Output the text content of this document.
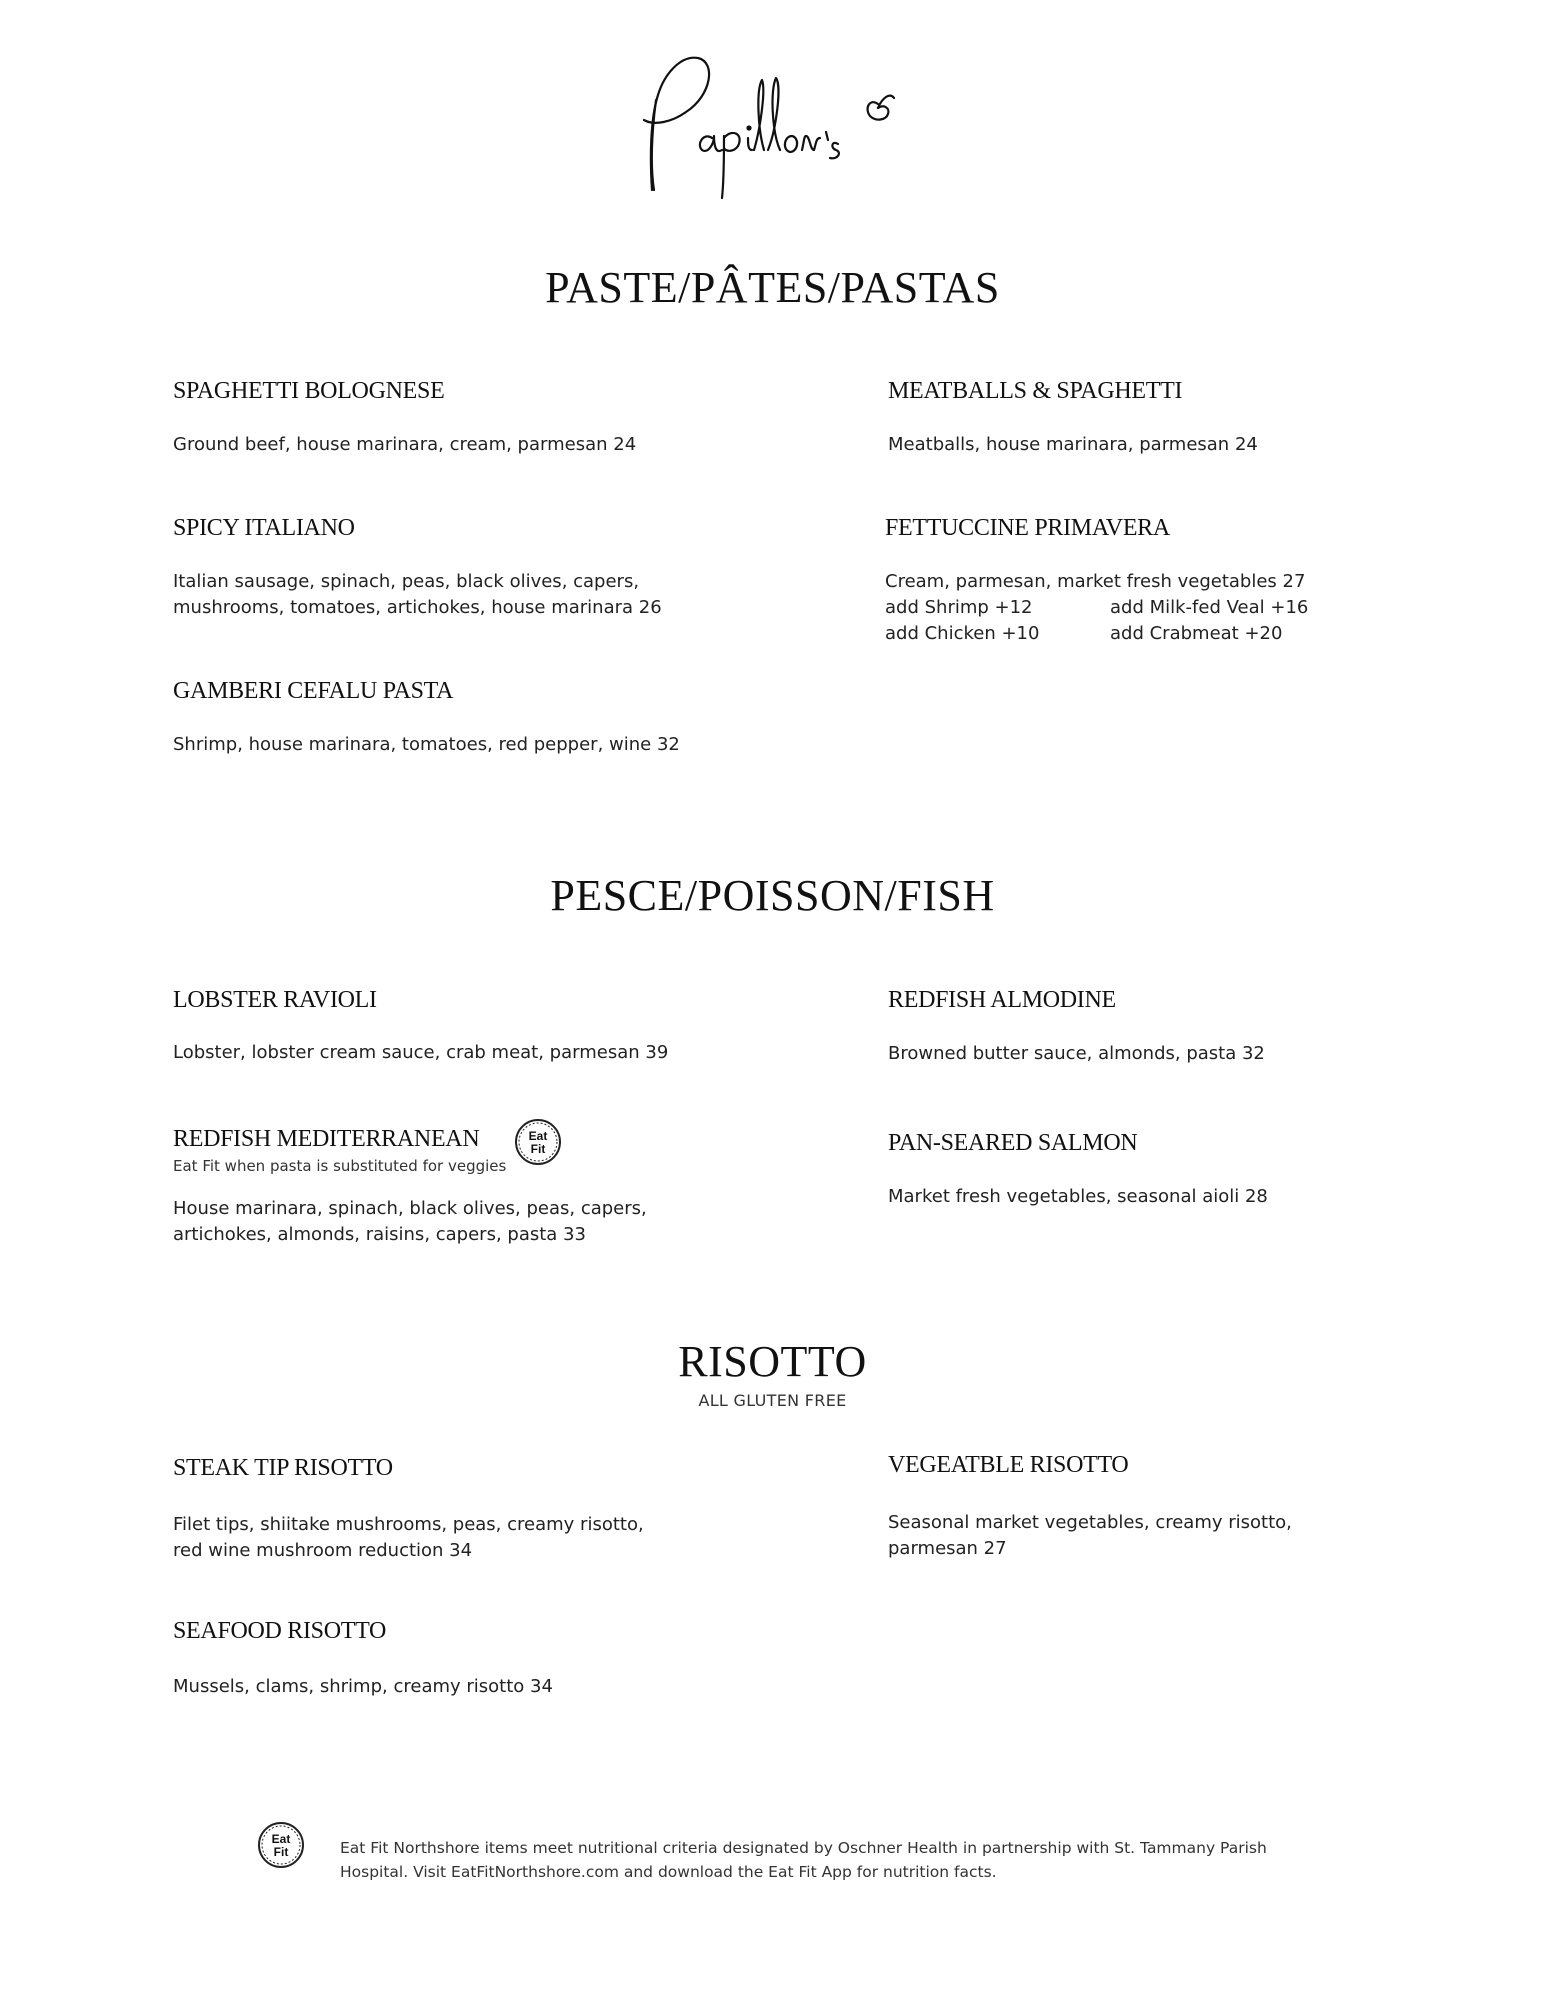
PASTE/PÂTES/PASTAS
SPAGHETTI BOLOGNESE
Ground beef, house marinara, cream, parmesan 24
MEATBALLS & SPAGHETTI
Meatballs, house marinara, parmesan 24
SPICY ITALIANO
Italian sausage, spinach, peas, black olives, capers,
mushrooms, tomatoes, artichokes, house marinara 26
FETTUCCINE PRIMAVERA
Cream, parmesan, market fresh vegetables 27
add Shrimp +12	add Milk-fed Veal +16
add Chicken +10	add Crabmeat +20
GAMBERI CEFALU PASTA
Shrimp, house marinara, tomatoes, red pepper, wine 32
PESCE/POISSON/FISH
LOBSTER RAVIOLI
Lobster, lobster cream sauce, crab meat, parmesan 39
REDFISH ALMODINE
Browned butter sauce, almonds, pasta 32
REDFISH MEDITERRANEAN	Eat
Fit
Eat Fit when pasta is substituted for veggies
House marinara, spinach, black olives, peas, capers,
artichokes, almonds, raisins, capers, pasta 33
PAN-SEARED SALMON
Market fresh vegetables, seasonal aioli 28
RISOTTO
ALL GLUTEN FREE
STEAK TIP RISOTTO
Filet tips, shiitake mushrooms, peas, creamy risotto,
red wine mushroom reduction 34
VEGEATBLE RISOTTO
Seasonal market vegetables, creamy risotto,
parmesan 27
SEAFOOD RISOTTO
Mussels, clams, shrimp, creamy risotto 34
Eat
Fit	Eat Fit Northshore items meet nutritional criteria designated by Oschner Health in partnership with St. Tammany Parish
Hospital. Visit EatFitNorthshore.com and download the Eat Fit App for nutrition facts.
